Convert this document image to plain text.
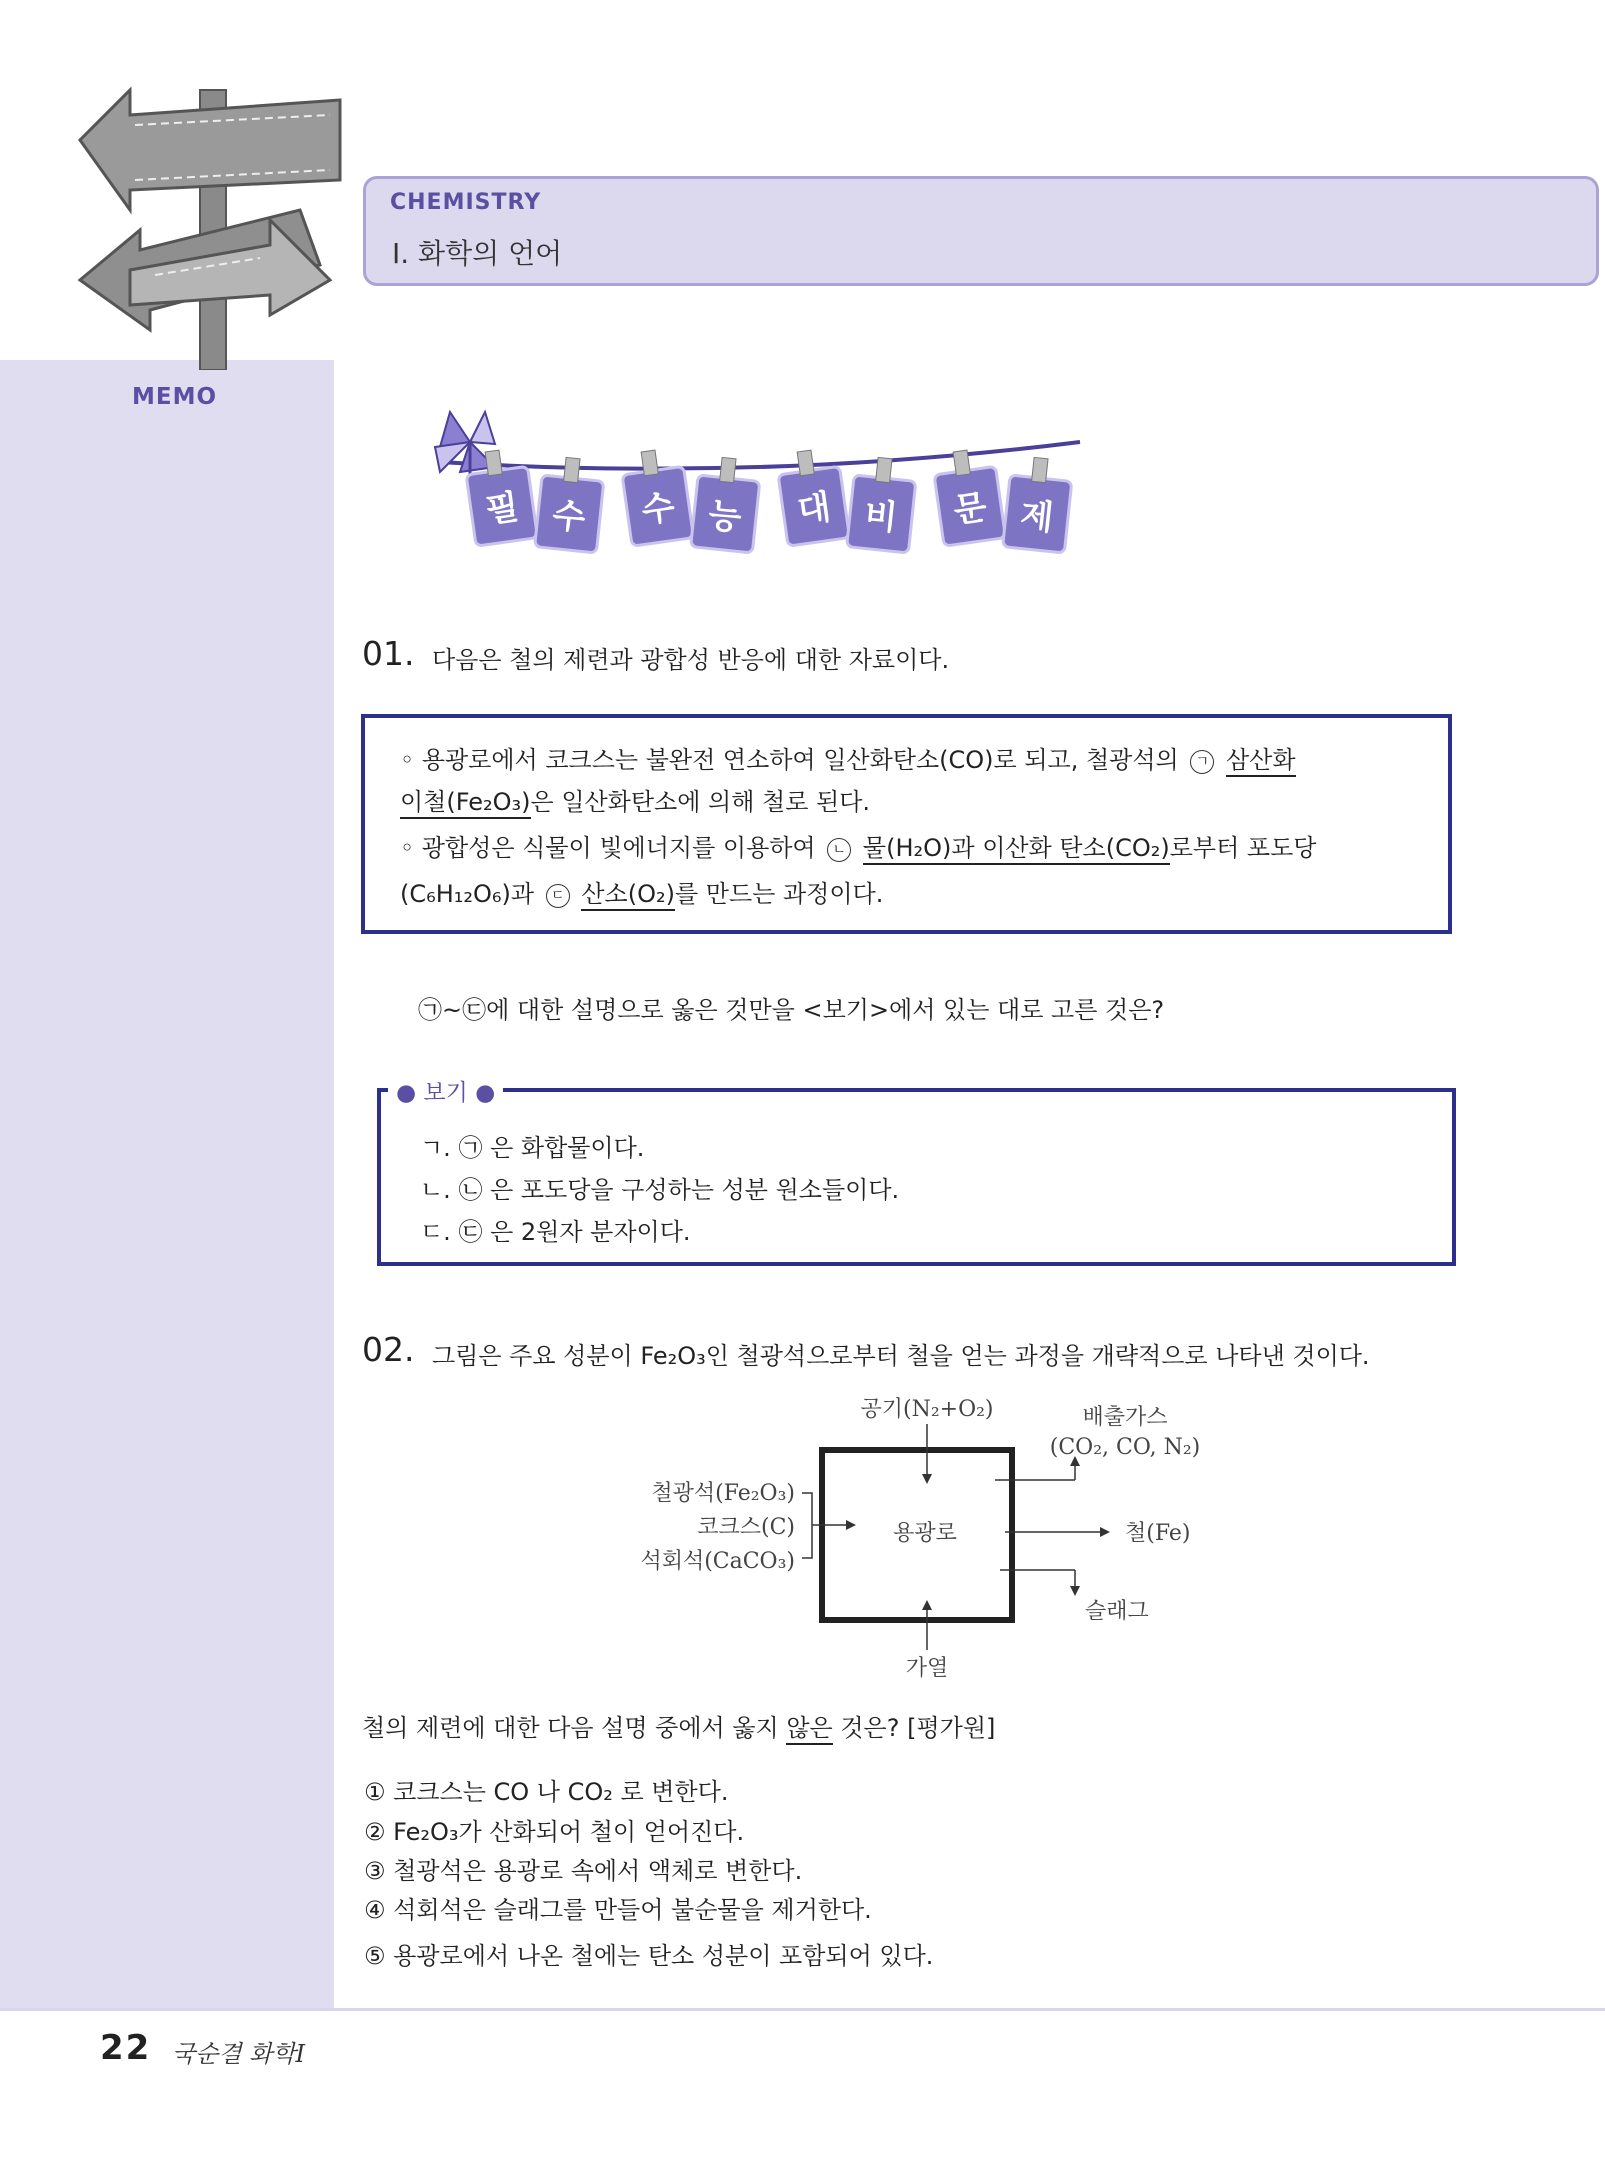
MEMO
CHEMISTRY
Ⅰ. 화학의 언어
필 수 수 능 대 비 문 제
01. 다음은 철의 제련과 광합성 반응에 대한 자료이다.
◦ 용광로에서 코크스는 불완전 연소하여 일산화탄소(CO)로 되고, 철광석의 ㄱ 삼산화
이철(Fe₂O₃)은 일산화탄소에 의해 철로 된다.
◦ 광합성은 식물이 빛에너지를 이용하여 ㄴ 물(H₂O)과 이산화 탄소(CO₂)로부터 포도당
(C₆H₁₂O₆)과 ㄷ 산소(O₂)를 만드는 과정이다.
㉠~㉢에 대한 설명으로 옳은 것만을 <보기>에서 있는 대로 고른 것은?
● 보기 ●
ㄱ. ㉠ 은 화합물이다.
ㄴ. ㉡ 은 포도당을 구성하는 성분 원소들이다.
ㄷ. ㉢ 은 2원자 분자이다.
02. 그림은 주요 성분이 Fe₂O₃인 철광석으로부터 철을 얻는 과정을 개략적으로 나타낸 것이다.
공기(N₂+O₂)	배출가스
(CO₂, CO, N₂)
철광석(Fe₂O₃)
코크스(C)
석회석(CaCO₃)
용광로	철(Fe)
슬래그
가열
철의 제련에 대한 다음 설명 중에서 옳지 않은 것은? [평가원]
① 코크스는 CO 나 CO₂ 로 변한다.
② Fe₂O₃가 산화되어 철이 얻어진다.
③ 철광석은 용광로 속에서 액체로 변한다.
④ 석회석은 슬래그를 만들어 불순물을 제거한다.
⑤ 용광로에서 나온 철에는 탄소 성분이 포함되어 있다.
22 국순결 화학Ⅰ
